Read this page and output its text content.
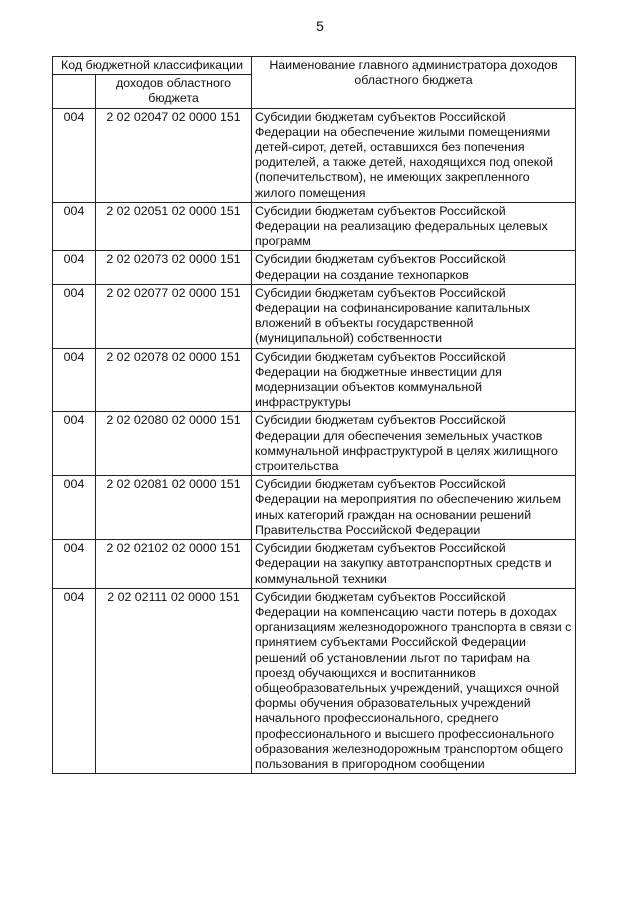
5
Код бюджетной классификации		Наименование главного администратора доходов областного бюджета
	доходов областного бюджета	
004	2 02 02047 02 0000 151	Субсидии бюджетам субъектов Российской Федерации на обеспечение жилыми помещениями детей-сирот, детей, оставшихся без попечения родителей, а также детей, находящихся под опекой (попечительством), не имеющих закрепленного жилого помещения
004	2 02 02051 02 0000 151	Субсидии бюджетам субъектов Российской Федерации на реализацию федеральных целевых программ
004	2 02 02073 02 0000 151	Субсидии бюджетам субъектов Российской Федерации на создание технопарков
004	2 02 02077 02 0000 151	Субсидии бюджетам субъектов Российской Федерации на софинансирование капитальных вложений в объекты государственной (муниципальной) собственности
004	2 02 02078 02 0000 151	Субсидии бюджетам субъектов Российской Федерации на бюджетные инвестиции для модернизации объектов коммунальной инфраструктуры
004	2 02 02080 02 0000 151	Субсидии бюджетам субъектов Российской Федерации для обеспечения земельных участков коммунальной инфраструктурой в целях жилищного строительства
004	2 02 02081 02 0000 151	Субсидии бюджетам субъектов Российской Федерации на мероприятия по обеспечению жильем иных категорий граждан на основании решений Правительства Российской Федерации
004	2 02 02102 02 0000 151	Субсидии бюджетам субъектов Российской Федерации на закупку автотранспортных средств и коммунальной техники
004	2 02 02111 02 0000 151	Субсидии бюджетам субъектов Российской Федерации на компенсацию части потерь в доходах организациям железнодорожного транспорта в связи с принятием субъектами Российской Федерации решений об установлении льгот по тарифам на проезд обучающихся и воспитанников общеобразовательных учреждений, учащихся очной формы обучения образовательных учреждений начального профессионального, среднего профессионального и высшего профессионального образования железнодорожным транспортом общего пользования в пригородном сообщении
